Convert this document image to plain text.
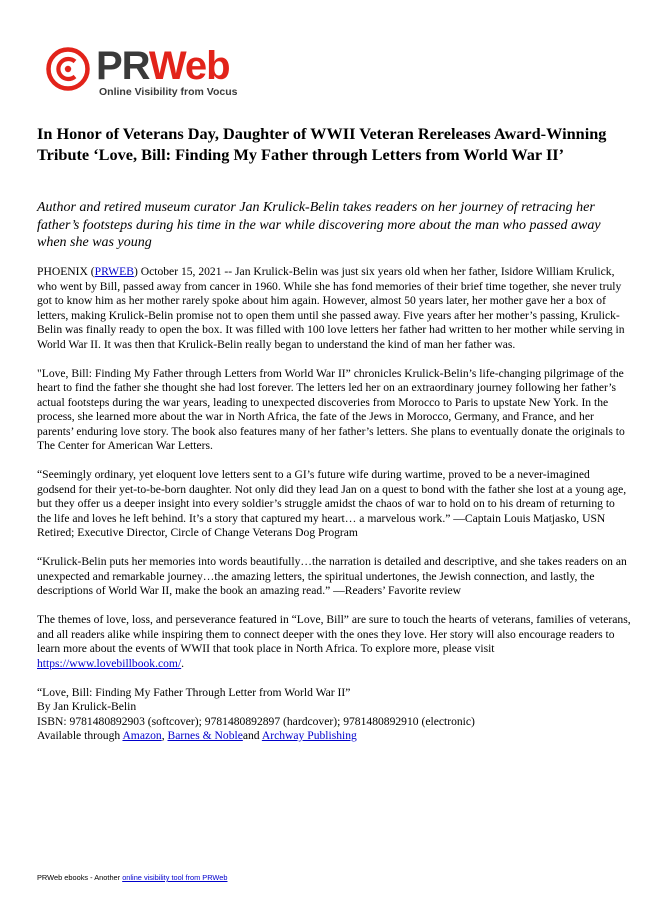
PRWeb
Online Visibility from Vocus
In Honor of Veterans Day, Daughter of WWII Veteran Rereleases Award-Winning Tribute ‘Love, Bill: Finding My Father through Letters from World War II’

Author and retired museum curator Jan Krulick-Belin takes readers on her journey of retracing her father’s footsteps during his time in the war while discovering more about the man who passed away when she was young

PHOENIX (PRWEB) October 15, 2021 -- Jan Krulick-Belin was just six years old when her father, Isidore William Krulick, who went by Bill, passed away from cancer in 1960. While she has fond memories of their brief time together, she never truly got to know him as her mother rarely spoke about him again. However, almost 50 years later, her mother gave her a box of letters, making Krulick-Belin promise not to open them until she passed away. Five years after her mother’s passing, Krulick-Belin was finally ready to open the box. It was filled with 100 love letters her father had written to her mother while serving in World War II. It was then that Krulick-Belin really began to understand the kind of man her father was.

"Love, Bill: Finding My Father through Letters from World War II” chronicles Krulick-Belin’s life-changing pilgrimage of the heart to find the father she thought she had lost forever. The letters led her on an extraordinary journey following her father’s actual footsteps during the war years, leading to unexpected discoveries from Morocco to Paris to upstate New York. In the process, she learned more about the war in North Africa, the fate of the Jews in Morocco, Germany, and France, and her parents’ enduring love story. The book also features many of her father’s letters. She plans to eventually donate the originals to The Center for American War Letters.

“Seemingly ordinary, yet eloquent love letters sent to a GI’s future wife during wartime, proved to be a never-imagined godsend for their yet-to-be-born daughter. Not only did they lead Jan on a quest to bond with the father she lost at a young age, but they offer us a deeper insight into every soldier’s struggle amidst the chaos of war to hold on to his dream of returning to the life and loves he left behind. It’s a story that captured my heart… a marvelous work.” —Captain Louis Matjasko, USN Retired; Executive Director, Circle of Change Veterans Dog Program

“Krulick-Belin puts her memories into words beautifully…the narration is detailed and descriptive, and she takes readers on an unexpected and remarkable journey…the amazing letters, the spiritual undertones, the Jewish connection, and lastly, the descriptions of World War II, make the book an amazing read.” —Readers’ Favorite review

The themes of love, loss, and perseverance featured in “Love, Bill” are sure to touch the hearts of veterans, families of veterans, and all readers alike while inspiring them to connect deeper with the ones they love. Her story will also encourage readers to learn more about the events of WWII that took place in North Africa. To explore more, please visit https://www.lovebillbook.com/.

“Love, Bill: Finding My Father Through Letter from World War II”

By Jan Krulick-Belin

ISBN: 9781480892903 (softcover); 9781480892897 (hardcover); 9781480892910 (electronic)

Available through Amazon, Barnes & Nobleand Archway Publishing

PRWeb ebooks - Another online visibility tool from PRWeb
